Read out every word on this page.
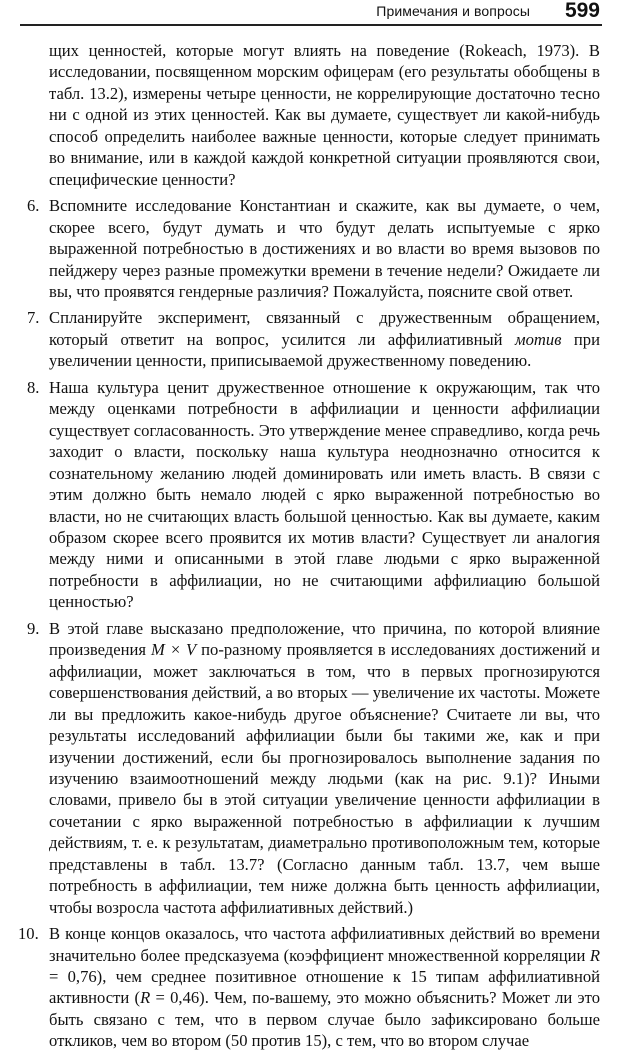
Примечания и вопросы 599

щих ценностей, которые могут влиять на поведение (Rokeach, 1973). В исследовании, посвященном морским офицерам (его результаты обобщены в табл. 13.2), измерены четыре ценности, не коррелирующие достаточно тесно ни с одной из этих ценностей. Как вы думаете, существует ли какой-нибудь способ определить наиболее важные ценности, которые следует принимать во внимание, или в каждой каждой конкретной ситуации проявляются свои, специфические ценности?

6. Вспомните исследование Константиан и скажите, как вы думаете, о чем, скорее всего, будут думать и что будут делать испытуемые с ярко выраженной потребностью в достижениях и во власти во время вызовов по пейджеру через разные промежутки времени в течение недели? Ожидаете ли вы, что проявятся гендерные различия? Пожалуйста, поясните свой ответ.

7. Спланируйте эксперимент, связанный с дружественным обращением, который ответит на вопрос, усилится ли аффилиативный мотив при увеличении ценности, приписываемой дружественному поведению.

8. Наша культура ценит дружественное отношение к окружающим, так что между оценками потребности в аффилиации и ценности аффилиации существует согласованность. Это утверждение менее справедливо, когда речь заходит о власти, поскольку наша культура неоднозначно относится к сознательному желанию людей доминировать или иметь власть. В связи с этим должно быть немало людей с ярко выраженной потребностью во власти, но не считающих власть большой ценностью. Как вы думаете, каким образом скорее всего проявится их мотив власти? Существует ли аналогия между ними и описанными в этой главе людьми с ярко выраженной потребности в аффилиации, но не считающими аффилиацию большой ценностью?

9. В этой главе высказано предположение, что причина, по которой влияние произведения M × V по-разному проявляется в исследованиях достижений и аффилиации, может заключаться в том, что в первых прогнозируются совершенствования действий, а во вторых — увеличение их частоты. Можете ли вы предложить какое-нибудь другое объяснение? Считаете ли вы, что результаты исследований аффилиации были бы такими же, как и при изучении достижений, если бы прогнозировалось выполнение задания по изучению взаимоотношений между людьми (как на рис. 9.1)? Иными словами, привело бы в этой ситуации увеличение ценности аффилиации в сочетании с ярко выраженной потребностью в аффилиации к лучшим действиям, т. е. к результатам, диаметрально противоположным тем, которые представлены в табл. 13.7? (Согласно данным табл. 13.7, чем выше потребность в аффилиации, тем ниже должна быть ценность аффилиации, чтобы возросла частота аффилиативных действий.)

10. В конце концов оказалось, что частота аффилиативных действий во времени значительно более предсказуема (коэффициент множественной корреляции R = 0,76), чем среднее позитивное отношение к 15 типам аффилиативной активности (R = 0,46). Чем, по-вашему, это можно объяснить? Может ли это быть связано с тем, что в первом случае было зафиксировано больше откликов, чем во втором (50 против 15), с тем, что во втором случае
